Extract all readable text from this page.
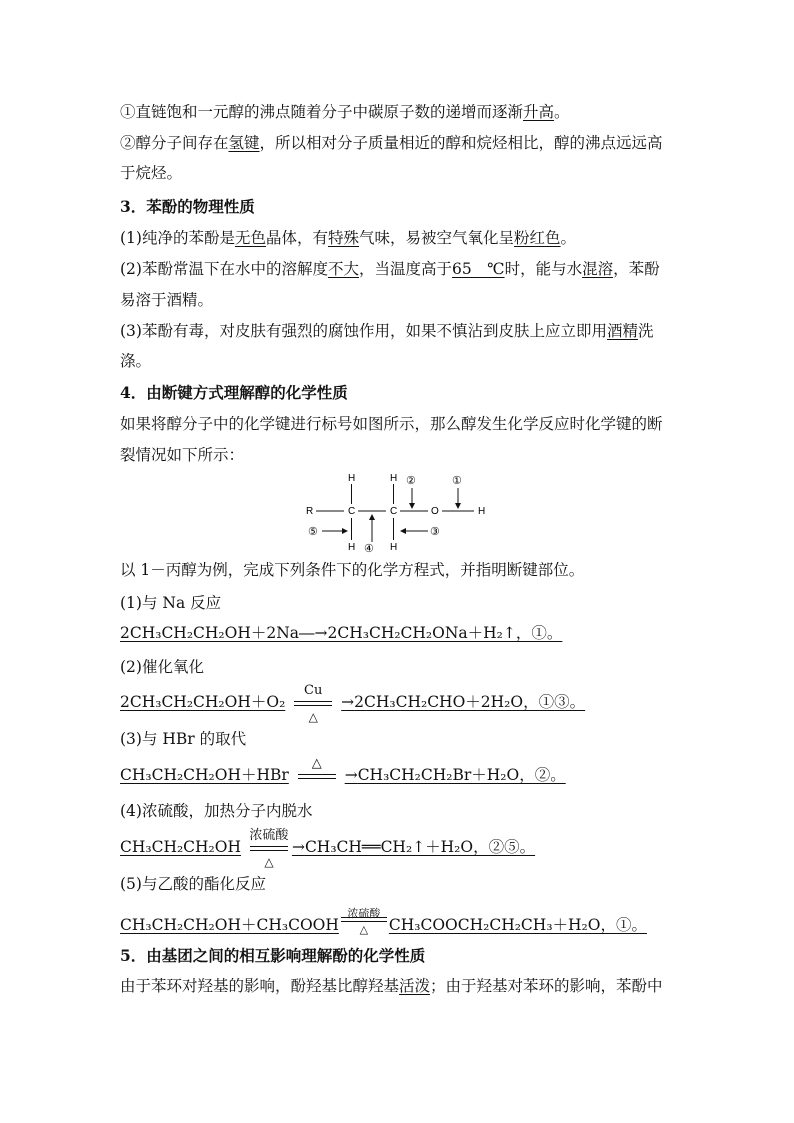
①直链饱和一元醇的沸点随着分子中碳原子数的递增而逐渐升高。
②醇分子间存在氢键，所以相对分子质量相近的醇和烷烃相比，醇的沸点远远高
于烷烃。
3．苯酚的物理性质
(1)纯净的苯酚是无色晶体，有特殊气味，易被空气氧化呈粉红色。
(2)苯酚常温下在水中的溶解度不大，当温度高于65　℃时，能与水混溶，苯酚
易溶于酒精。
(3)苯酚有毒，对皮肤有强烈的腐蚀作用，如果不慎沾到皮肤上应立即用酒精洗
涤。
4．由断键方式理解醇的化学性质
如果将醇分子中的化学键进行标号如图所示，那么醇发生化学反应时化学键的断
裂情况如下所示：
R	C	C	O	H
H
H
H
H
①
②
③
④
⑤
以 1－丙醇为例，完成下列条件下的化学方程式，并指明断键部位。
(1)与 Na 反应
2CH₃CH₂CH₂OH＋2Na―→2CH₃CH₂CH₂ONa＋H₂↑，①。
(2)催化氧化
2CH₃CH₂CH₂OH＋O₂
Cu
△
→2CH₃CH₂CHO＋2H₂O，①③。
(3)与 HBr 的取代
CH₃CH₂CH₂OH＋HBr
△
→CH₃CH₂CH₂Br＋H₂O，②。
(4)浓硫酸，加热分子内脱水
CH₃CH₂CH₂OH
浓硫酸
△
→CH₃CH══CH₂↑＋H₂O，②⑤。
(5)与乙酸的酯化反应
CH₃CH₂CH₂OH＋CH₃COOH
浓硫酸
△	CH₃COOCH₂CH₂CH₃＋H₂O，①。
5．由基团之间的相互影响理解酚的化学性质
由于苯环对羟基的影响，酚羟基比醇羟基活泼；由于羟基对苯环的影响，苯酚中
